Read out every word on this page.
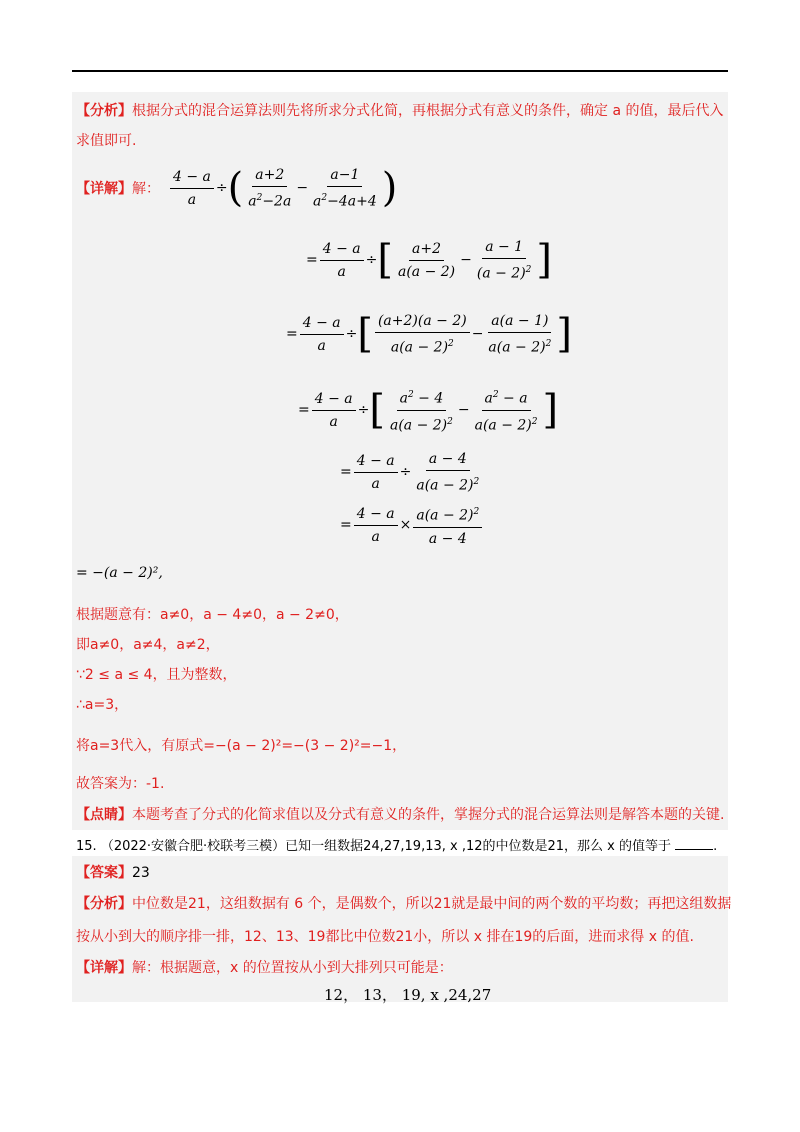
【分析】根据分式的混合运算法则先将所求分式化简，再根据分式有意义的条件，确定 a 的值，最后代入
求值即可.
【详解】 解： $\frac{4 - a}{a}$ ÷ ( $\frac{a+2}{a^2-2a} - \frac{a-1}{a^2-4a+4}$ )
= $\frac{4 - a}{a}$ ÷ [ $\frac{a+2}{a(a - 2)} - \frac{a - 1}{(a - 2)^2}$ ]
= $\frac{4 - a}{a}$ ÷ [ $\frac{(a+2)(a - 2)}{a(a - 2)^2} - \frac{a(a - 1)}{a(a - 2)^2}$ ]
= $\frac{4 - a}{a}$ ÷ [ $\frac{a^2 - 4}{a(a - 2)^2} - \frac{a^2 - a}{a(a - 2)^2}$ ]
= $\frac{4 - a}{a} \div \frac{a - 4}{a(a - 2)^2}$
= $\frac{4 - a}{a} \times \frac{a(a - 2)^2}{a - 4}$
= −(a − 2)²,
根据题意有：a≠0，a − 4≠0，a − 2≠0，
即a≠0，a≠4，a≠2，
∵2 ≤ a ≤ 4，且为整数，
∴a=3，
将a=3代入，有原式=−(a − 2)²=−(3 − 2)²=−1，
故答案为：-1.
【点睛】本题考查了分式的化简求值以及分式有意义的条件，掌握分式的混合运算法则是解答本题的关键.
15. （2022·安徽合肥·校联考三模）已知一组数据24,27,19,13, x ,12的中位数是21，那么 x 的值等于	.
【答案】23
【分析】中位数是21，这组数据有 6 个，是偶数个，所以21就是最中间的两个数的平均数；再把这组数据
按从小到大的顺序排一排，12、13、19都比中位数21小，所以 x 排在19的后面，进而求得 x 的值.
【详解】解：根据题意，x 的位置按从小到大排列只可能是：
12， 13， 19, x ,24,27
